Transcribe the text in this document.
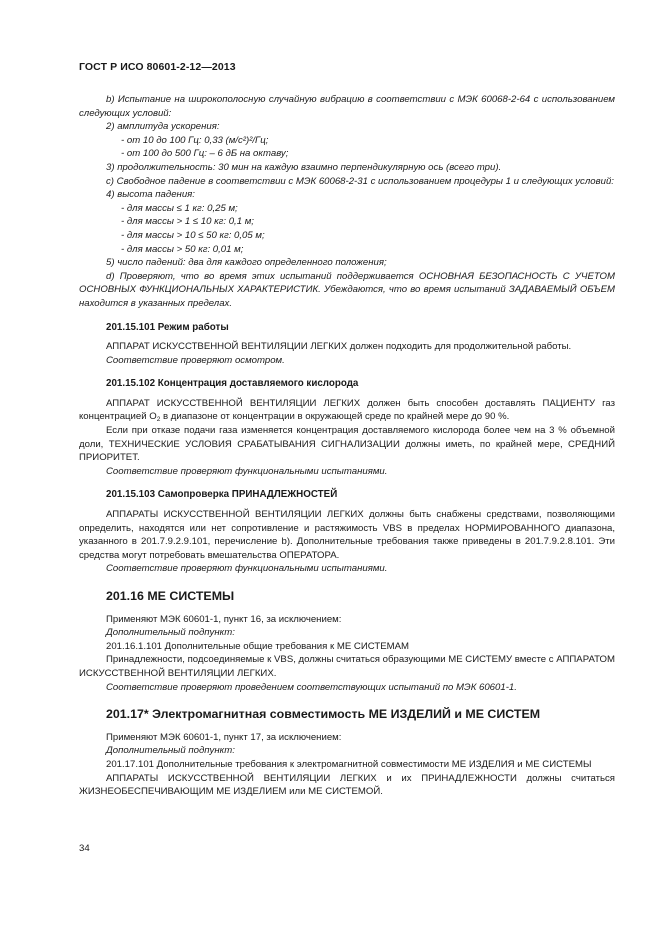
ГОСТ Р ИСО 80601-2-12—2013

b) Испытание на широкополосную случайную вибрацию в соответствии с МЭК 60068-2-64 с использованием следующих условий:

2) амплитуда ускорения:

- от 10 до 100 Гц: 0,33 (м/с²)²/Гц;

- от 100 до 500 Гц: – 6 дБ на октаву;

3) продолжительность: 30 мин на каждую взаимно перпендикулярную ось (всего три).

c) Свободное падение в соответствии с МЭК 60068-2-31 с использованием процедуры 1 и следующих условий:

4) высота падения:

- для массы ≤ 1 кг: 0,25 м;

- для массы > 1 ≤ 10 кг: 0,1 м;

- для массы > 10 ≤ 50 кг: 0,05 м;

- для массы > 50 кг: 0,01 м;

5) число падений: два для каждого определенного положения;

d) Проверяют, что во время этих испытаний поддерживается ОСНОВНАЯ БЕЗОПАСНОСТЬ С УЧЕТОМ ОСНОВНЫХ ФУНКЦИОНАЛЬНЫХ ХАРАКТЕРИСТИК. Убеждаются, что во время испытаний ЗАДАВАЕМЫЙ ОБЪЕМ находится в указанных пределах.

201.15.101 Режим работы

АППАРАТ ИСКУССТВЕННОЙ ВЕНТИЛЯЦИИ ЛЕГКИХ должен подходить для продолжительной работы.

Соответствие проверяют осмотром.

201.15.102 Концентрация доставляемого кислорода

АППАРАТ ИСКУССТВЕННОЙ ВЕНТИЛЯЦИИ ЛЕГКИХ должен быть способен доставлять ПАЦИЕНТУ газ концентрацией $O_2$ в диапазоне от концентрации в окружающей среде по крайней мере до 90 %.

Если при отказе подачи газа изменяется концентрация доставляемого кислорода более чем на 3 % объемной доли, ТЕХНИЧЕСКИЕ УСЛОВИЯ СРАБАТЫВАНИЯ СИГНАЛИЗАЦИИ должны иметь, по крайней мере, СРЕДНИЙ ПРИОРИТЕТ.

Соответствие проверяют функциональными испытаниями.

201.15.103 Самопроверка ПРИНАДЛЕЖНОСТЕЙ

АППАРАТЫ ИСКУССТВЕННОЙ ВЕНТИЛЯЦИИ ЛЕГКИХ должны быть снабжены средствами, позволяющими определить, находятся или нет сопротивление и растяжимость VBS в пределах НОРМИРОВАННОГО диапазона, указанного в 201.7.9.2.9.101, перечисление b). Дополнительные требования также приведены в 201.7.9.2.8.101. Эти средства могут потребовать вмешательства ОПЕРАТОРА.

Соответствие проверяют функциональными испытаниями.

201.16 МЕ СИСТЕМЫ

Применяют МЭК 60601-1, пункт 16, за исключением:

Дополнительный подпункт:

201.16.1.101 Дополнительные общие требования к МЕ СИСТЕМАМ

Принадлежности, подсоединяемые к VBS, должны считаться образующими МЕ СИСТЕМУ вместе с АППАРАТОМ ИСКУССТВЕННОЙ ВЕНТИЛЯЦИИ ЛЕГКИХ.

Соответствие проверяют проведением соответствующих испытаний по МЭК 60601-1.

201.17* Электромагнитная совместимость МЕ ИЗДЕЛИЙ и МЕ СИСТЕМ

Применяют МЭК 60601-1, пункт 17, за исключением:

Дополнительный подпункт:

201.17.101 Дополнительные требования к электромагнитной совместимости МЕ ИЗДЕЛИЯ и МЕ СИСТЕМЫ

АППАРАТЫ ИСКУССТВЕННОЙ ВЕНТИЛЯЦИИ ЛЕГКИХ и их ПРИНАДЛЕЖНОСТИ должны считаться ЖИЗНЕОБЕСПЕЧИВАЮЩИМ МЕ ИЗДЕЛИЕМ или МЕ СИСТЕМОЙ.

34
